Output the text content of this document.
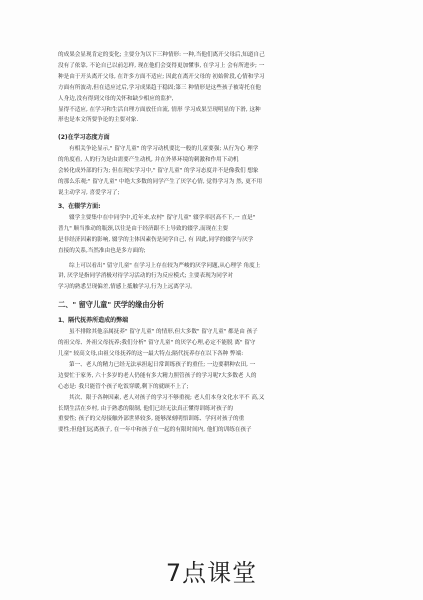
的成果会显现肯定的变化; 主要分为以下三种情形: 一种,当他们离开父母后,知道自己

没有了依靠, 不论自已以前怎样, 现在他们会变得更加懂事, 在学习上 会有所进步; 一

种是由于开头离开父母, 在许多方面不适应; 因此在离开父母的 初始阶段,心情和学习

方面有所波动,但在适应过后,学习成果趋于稳固;第三 种情形是这些孩子被寄托在他

人身边,没有得到父母的关怀和缺少相应的监护,

显得不适应, 在学习和生活自理方面放任自流, 情形 学习成果呈现明显的下滑, 这种

形也是本文所要争论的主要对象.

(2)在学习态度方面

有相关争论显示," 留守儿童" 的学习动机要比一般的儿童要强; 从行为心 理学

的角度看, 人的行为是由需要产生动机, 并在外界环境的刺激和作用下动机

会转化成外部的行为; 但在现实学习中," 留守儿童" 的学习态度并不是像我们 想象

的那么乐观;" 留守儿童" 中绝大多数的同学产生了厌学心情, 觉得学习为 然, 更不用

说主动学习, 喜爱学习了;

3、在辍学方面:

辍学主要集中在中同学中,近年来,农村" 留守儿童" 辍学率居高不下,一 直是"

普九" 顺当推动的瓶颈,以往是由于经济跟不上导致的辍学,而现在主要

是非经济因素的影响, 辍学的主体因素伤是同学自己, 有 因此,同学的辍学与厌学

直接的关系,当然准由也是多方面的;

综上可以看出" 留守儿童" 在学习上存在较为严峻的厌学问题,从心理学 角度上

讲, 厌学是指同学消极对待学习活动的行为反应模式; 主要表现为同学对

学习的熟悉呈现偏差,情感上抵触学习,行为上远离学习。

二、" 留守儿童" 厌学的缘由分析

1、隔代抚养所造成的弊端

虽不排除其他亲属抚养" 留守儿童" 的情形,但大多数" 留守儿童" 都是由 孩子

的祖父母、外祖父母抚养;我们分析" 留守儿童" 的厌学心理,必定不能脱 离" 留守

儿童" 较高文母,由祖父母抚养的这一最大特点;隔代抚养存在以下各种 弊端:

第一、老人的精力已经无法承担起日常训练孩子的重任; 一边要耕种农田, 一

边要忙于家务, 六十多岁的老人仍能有多大精力照管孩子的学习呢?大多数老 人的

心态是: 我只能管个孩子吃饭穿暖,剩下的就顾不上了;

其次、限于各种因素, 老人对孩子的学习不够重视; 老人们本身文化水平不 高,又

长期生活在乡村, 由于熟悉的限制, 他们已经无法真正懂得训练对孩子的

重要性; 孩子的父母接触外部世界较多, 能够深刻明悟训练、学问对孩子的重

要性;但他们远离孩子, 在一年中和孩子在一起的有限时间内, 他们的训练在孩子

7点课堂
